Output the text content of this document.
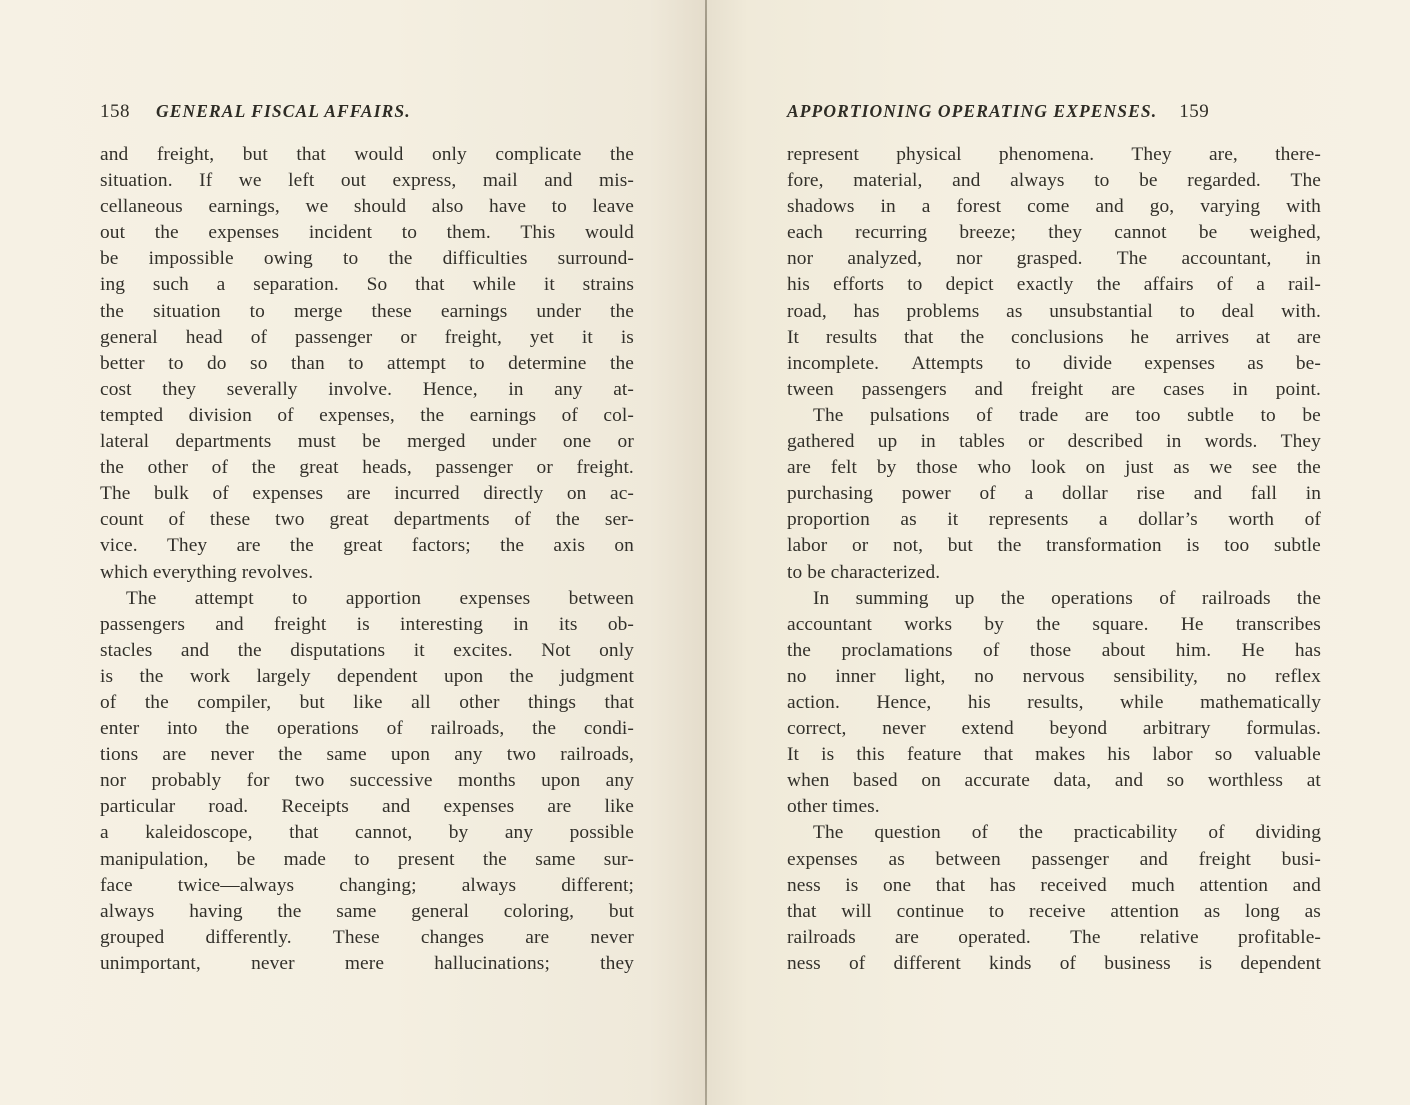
158 GENERAL FISCAL AFFAIRS.
and freight, but that would only complicate the
situation. If we left out express, mail and mis-
cellaneous earnings, we should also have to leave
out the expenses incident to them. This would
be impossible owing to the difficulties surround-
ing such a separation. So that while it strains
the situation to merge these earnings under the
general head of passenger or freight, yet it is
better to do so than to attempt to determine the
cost they severally involve. Hence, in any at-
tempted division of expenses, the earnings of col-
lateral departments must be merged under one or
the other of the great heads, passenger or freight.
The bulk of expenses are incurred directly on ac-
count of these two great departments of the ser-
vice. They are the great factors; the axis on
which everything revolves.
The attempt to apportion expenses between
passengers and freight is interesting in its ob-
stacles and the disputations it excites. Not only
is the work largely dependent upon the judgment
of the compiler, but like all other things that
enter into the operations of railroads, the condi-
tions are never the same upon any two railroads,
nor probably for two successive months upon any
particular road. Receipts and expenses are like
a kaleidoscope, that cannot, by any possible
manipulation, be made to present the same sur-
face twice—always changing; always different;
always having the same general coloring, but
grouped differently. These changes are never
unimportant,	never	mere	hallucinations;	they
APPORTIONING OPERATING EXPENSES. 159
represent physical phenomena. They are, there-
fore, material, and always to be regarded. The
shadows in a forest come and go, varying with
each recurring breeze; they cannot be weighed,
nor analyzed, nor grasped. The accountant, in
his efforts to depict exactly the affairs of a rail-
road, has problems as unsubstantial to deal with.
It results that the conclusions he arrives at are
incomplete. Attempts to divide expenses as be-
tween passengers and freight are cases in point.
The pulsations of trade are too subtle to be
gathered up in tables or described in words. They
are felt by those who look on just as we see the
purchasing power of a dollar rise and fall in
proportion as it represents a dollar’s worth of
labor or not, but the transformation is too subtle
to be characterized.
In summing up the operations of railroads the
accountant works by the square. He transcribes
the proclamations of those about him. He has
no inner light, no nervous sensibility, no reflex
action. Hence, his results, while mathematically
correct, never extend beyond arbitrary formulas.
It is this feature that makes his labor so valuable
when based on accurate data, and so worthless at
other times.
The question of the practicability of dividing
expenses as between passenger and freight busi-
ness is one that has received much attention and
that will continue to receive attention as long as
railroads are operated. The relative profitable-
ness of different kinds of business is dependent
